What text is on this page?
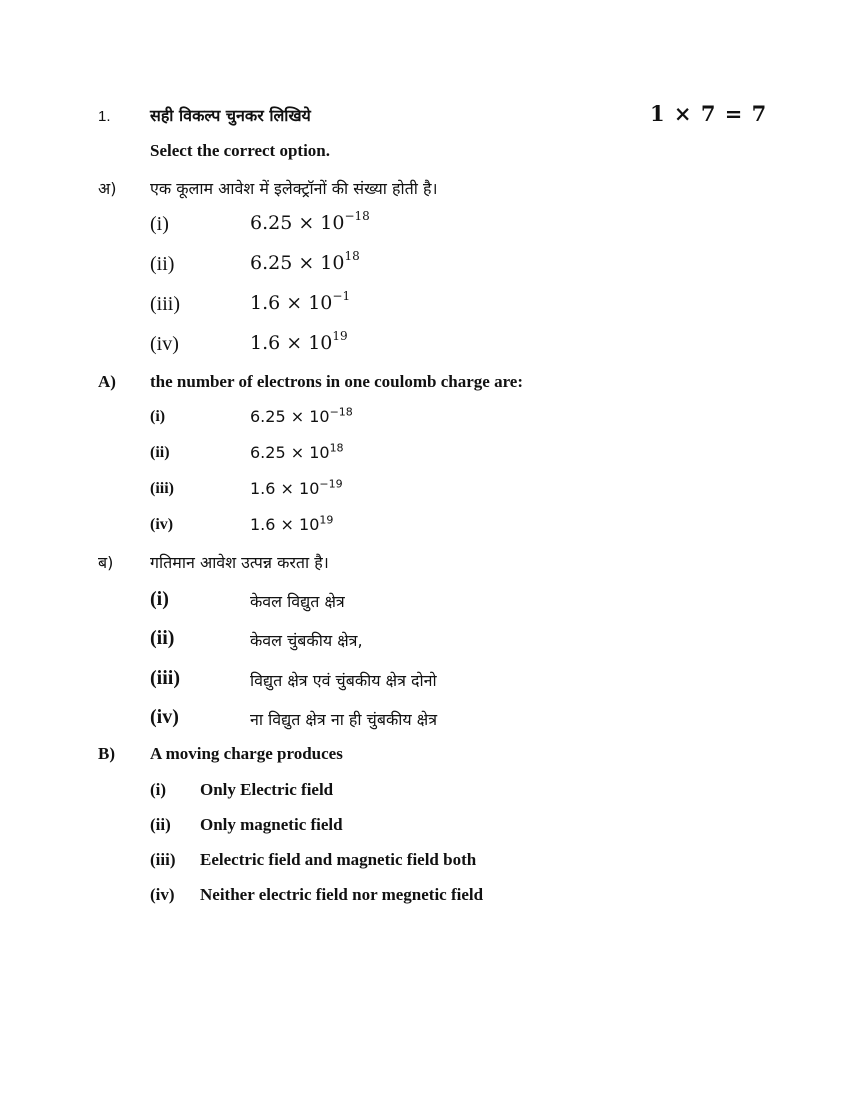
1. सही विकल्प चुनकर लिखिये	1 × 7 = 7
Select the correct option.
अ) एक कूलाम आवेश में इलेक्ट्रॉनों की संख्या होती है।
(i)	$6.25 \times 10^{-18}$
(ii)	$6.25 \times 10^{18}$
(iii)	$1.6 \times 10^{-1}$
(iv)	$1.6 \times 10^{19}$
A) the number of electrons in one coulomb charge are:
(i)	$6.25 \times 10^{-18}$
(ii)	$6.25 \times 10^{18}$
(iii)	$1.6 \times 10^{-19}$
(iv)	$1.6 \times 10^{19}$
ब) गतिमान आवेश उत्पन्न करता है।
(i)	केवल विद्युत क्षेत्र
(ii)	केवल चुंबकीय क्षेत्र,
(iii)	विद्युत क्षेत्र एवं चुंबकीय क्षेत्र दोनो
(iv)	ना विद्युत क्षेत्र ना ही चुंबकीय क्षेत्र
B) A moving charge produces
(i) Only Electric field
(ii) Only magnetic field
(iii) Eelectric field and magnetic field both
(iv) Neither electric field nor megnetic field
